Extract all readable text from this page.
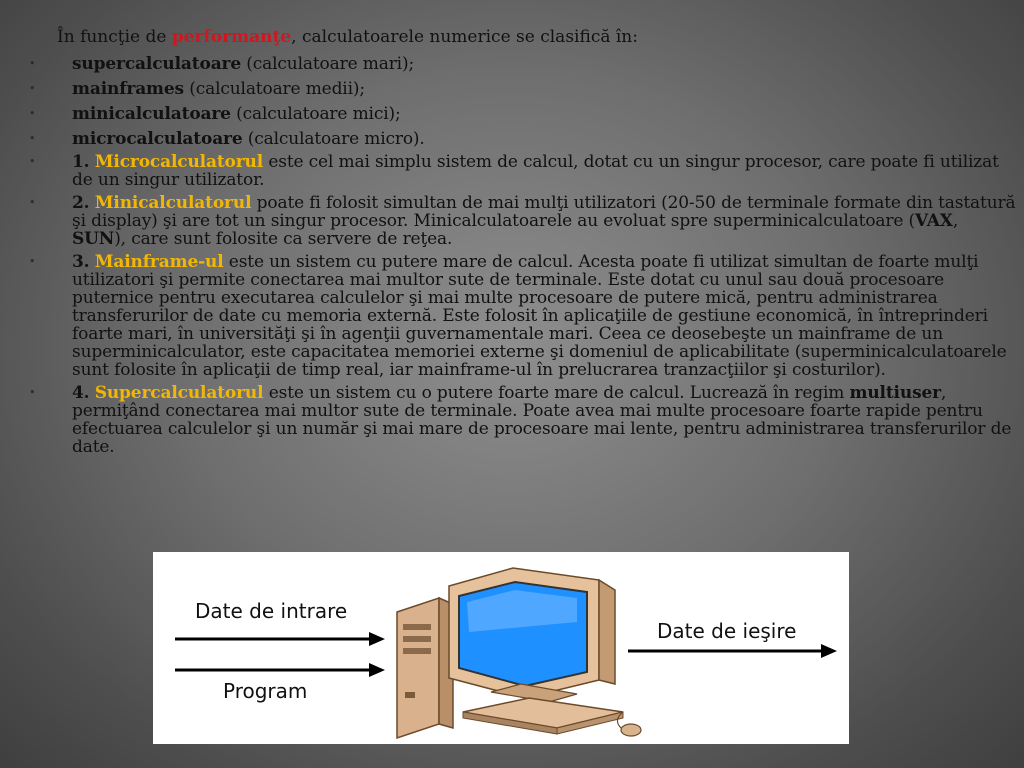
În funcţie de performanţe, calculatoarele numerice se clasifică în:
• supercalculatoare (calculatoare mari);
• mainframes (calculatoare medii);
• minicalculatoare (calculatoare mici);
• microcalculatoare (calculatoare micro).
• 1. Microcalculatorul este cel mai simplu sistem de calcul, dotat cu un singur procesor, care poate fi utilizat de un singur utilizator.
• 2. Minicalculatorul poate fi folosit simultan de mai mulţi utilizatori (20-50 de terminale formate din tastatură şi display) şi are tot un singur procesor. Minicalculatoarele au evoluat spre superminicalculatoare (VAX, SUN), care sunt folosite ca servere de reţea.
• 3. Mainframe-ul este un sistem cu putere mare de calcul. Acesta poate fi utilizat simultan de foarte mulţi utilizatori şi permite conectarea mai multor sute de terminale. Este dotat cu unul sau două procesoare puternice pentru executarea calculelor şi mai multe procesoare de putere mică, pentru administrarea transferurilor de date cu memoria externă. Este folosit în aplicaţiile de gestiune economică, în întreprinderi foarte mari, în universităţi şi în agenţii guvernamentale mari. Ceea ce deosebeşte un mainframe de un superminicalculator, este capacitatea memoriei externe şi domeniul de aplicabilitate (superminicalculatoarele sunt folosite în aplicaţii de timp real, iar mainframe-ul în prelucrarea tranzacţiilor şi costurilor).
• 4. Supercalculatorul este un sistem cu o putere foarte mare de calcul. Lucrează în regim multiuser, permiţând conectarea mai multor sute de terminale. Poate avea mai multe procesoare foarte rapide pentru efectuarea calculelor şi un număr şi mai mare de procesoare mai lente, pentru administrarea transferurilor de date.
Date de intrare
Program
Date de ieşire
